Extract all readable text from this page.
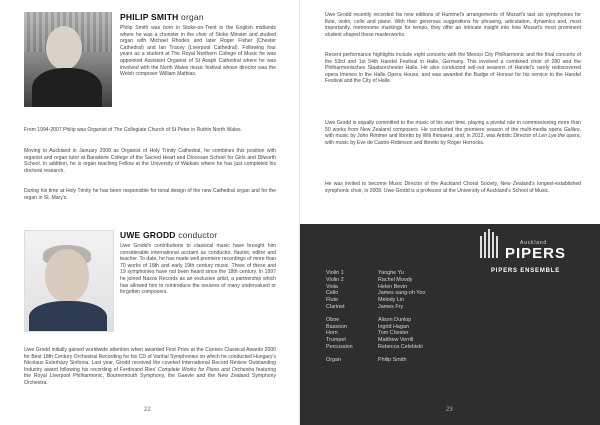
PHILIP SMITH organ
Philip Smith was born in Stoke-on-Trent in the English midlands where he was a chorister in the choir of Stoke Minster and studied organ with Michael Rhodes and later Roger Fisher (Chester Cathedral) and Ian Tracey (Liverpool Cathedral). Following four years as a student at The Royal Northern College of Music he was appointed Assistant Organist of St Asaph Cathedral where he was involved with the North Wales music festival whose director was the Welsh composer William Mathias.
From 1994-2007 Philip was Organist of The Collegiate Church of St Peter in Ruthin North Wales.
Moving to Auckland in January 2008 as Organist of Holy Trinity Cathedral, he combines this position with organist and organ tutor at Baradene College of the Sacred Heart and Diocesan School for Girls and Dilworth School. In addition, he is organ teaching Fellow at the University of Waikato where he has just completed his doctoral research.
During his time at Holy Trinity he has been responsible for tonal design of the new Cathedral organ and for the organ in St. Mary's.
UWE GRODD conductor
Uwe Grodd's contributions to classical music have brought him considerable international acclaim as conductor, flautist, editor and teacher. To date, he has made well premiere recordings of more than 70 works of 18th and early 19th century music. Three of these and 19 symphonies have not been heard since the 18th century. In 1997 he joined Naxos Records as an exclusive artist, a partnership which has allowed him to reintroduce the oeuvres of many undervalued or forgotten composers.
Uwe Grodd initially gained worldwide attention when awarded First Prize at the Cannes Classical Awards 2000 for Best 18th Century Orchestral Recording for his CD of Vanhal Symphonies on which he conducted Hungary's Nicolaus Esterházy Sinfonia. Last year, Grodd received the coveted International Record Review Outstanding Industry award following his recording of Ferdinand Ries' Complete Works for Piano and Orchestra featuring the Royal Liverpool Philharmonic, Bournemouth Symphony, the Gaevle and the New Zealand Symphony Orchestra.
22
Uwe Grodd recently recorded his new editions of Hummel's arrangements of Mozart's last six symphonies for flute, violin, cello and piano. With their generous suggestions for phrasing, articulation, dynamics and, most importantly, metronome markings for tempo, they offer an intricate insight into how Mozart's most prominent student shaped these masterworks.
Recent performance highlights include eight concerts with the Mexico City Philharmonic and the final concerts of the 53rd and 1st 54th Handel Festival in Halle, Germany. This involved a combined choir of 280 and the Philharmonisches Staatsorchester Halle. He also conducted sell-out seasons of Handel's rarely rediscovered opera Imeneo in the Halle Opera House, and was awarded the Badge of Honour for his service to the Handel Festival and the City of Halle.
Uwe Grodd is equally committed to the music of his own time, playing a pivotal role in commissioning more than 50 works from New Zealand composers. He conducted the premiere season of the multi-media opera Galileo, with music by John Rimmer and libretto by Witi Ihimaera, and, in 2012, was Artistic Director of Len Lye the opera, with music by Eve de Castro-Robinson and libretto by Roger Horrocks.
He was invited to become Music Director of the Auckland Choral Society, New Zealand's longest-established symphonic choir, in 2008. Uwe Grodd is a professor at the University of Auckland's School of Music.
Auckland
PIPERS
PIPERS ENSEMBLE
Violin 1
Violin 2
Viola
Cello
Flute
Clarinet
Oboe
Bassoon
Horn
Trumpet
Percussion
Organ
Yanghe Yu
Rachel Moody
Helen Bevin
James sang-oh Yoo
Melody Lin
James Fry
Alison Dunlop
Ingrid Hagan
Tom Chester
Matthew Verrill
Rebecca Celebiski
Philip Smith
23
